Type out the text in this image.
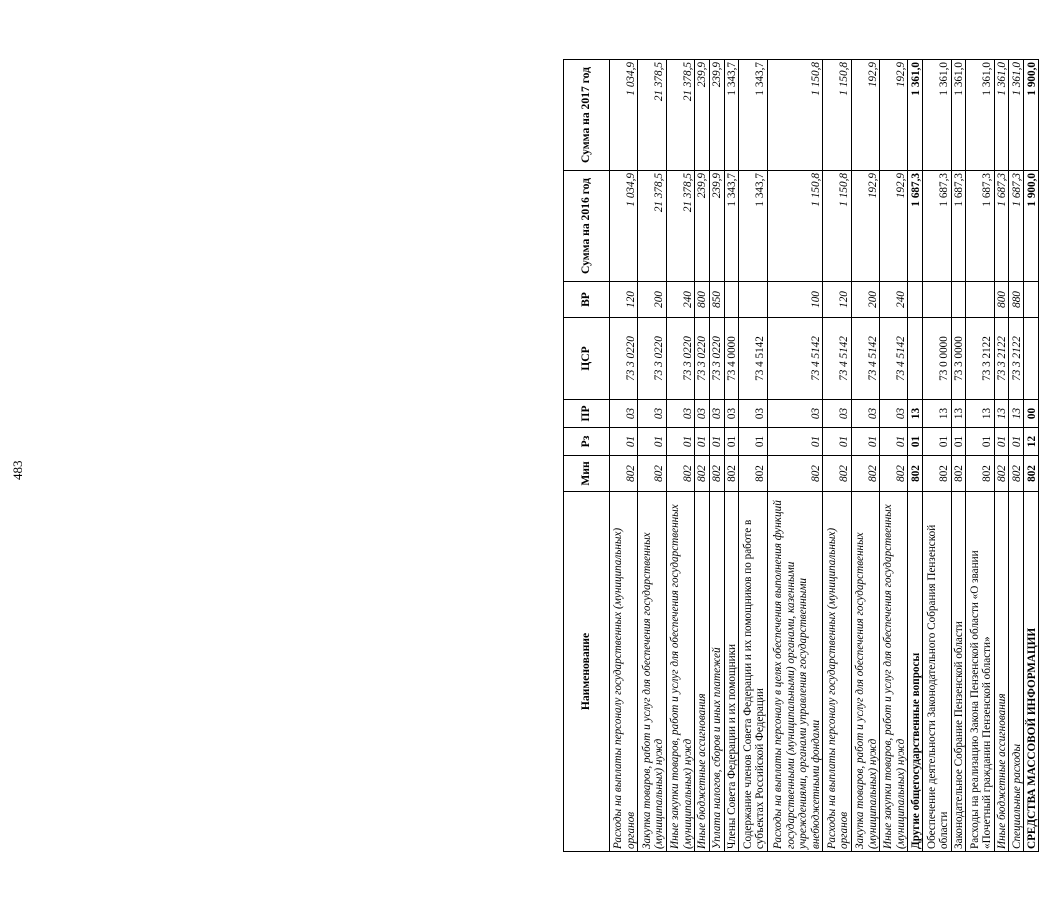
483
Наименование	Мин	Рз	ПР	ЦСР	ВР	Сумма на 2016 год	Сумма на 2017 год
Расходы на выплаты персоналу государственных (муниципальных) органов	802	01	03	73 3 0220	120	1 034,9	1 034,9
Закупка товаров, работ и услуг для обеспечения государственных (муниципальных) нужд	802	01	03	73 3 0220	200	21 378,5	21 378,5
Иные закупки товаров, работ и услуг для обеспечения государственных (муниципальных) нужд	802	01	03	73 3 0220	240	21 378,5	21 378,5
Иные бюджетные ассигнования	802	01	03	73 3 0220	800	239,9	239,9
Уплата налогов, сборов и иных платежей	802	01	03	73 3 0220	850	239,9	239,9
Члены Совета Федерации и их помощники	802	01	03	73 4 0000		1 343,7	1 343,7
Содержание членов Совета Федерации и их помощников по работе в субъектах Российской Федерации	802	01	03	73 4 5142		1 343,7	1 343,7
Расходы на выплаты персоналу в целях обеспечения выполнения функций государственными (муниципальными) органами, казенными учреждениями, органами управления государственными внебюджетными фондами	802	01	03	73 4 5142	100	1 150,8	1 150,8
Расходы на выплаты персоналу государственных (муниципальных) органов	802	01	03	73 4 5142	120	1 150,8	1 150,8
Закупка товаров, работ и услуг для обеспечения государственных (муниципальных) нужд	802	01	03	73 4 5142	200	192,9	192,9
Иные закупки товаров, работ и услуг для обеспечения государственных (муниципальных) нужд	802	01	03	73 4 5142	240	192,9	192,9
Другие общегосударственные вопросы	802	01	13			1 687,3	1 361,0
Обеспечение деятельности Законодательного Собрания Пензенской области	802	01	13	73 0 0000		1 687,3	1 361,0
Законодательное Собрание Пензенской области	802	01	13	73 3 0000		1 687,3	1 361,0
Расходы на реализацию Закона Пензенской области «О звании «Почетный гражданин Пензенской области»	802	01	13	73 3 2122		1 687,3	1 361,0
Иные бюджетные ассигнования	802	01	13	73 3 2122	800	1 687,3	1 361,0
Специальные расходы	802	01	13	73 3 2122	880	1 687,3	1 361,0
СРЕДСТВА МАССОВОЙ ИНФОРМАЦИИ	802	12	00			1 900,0	1 900,0
